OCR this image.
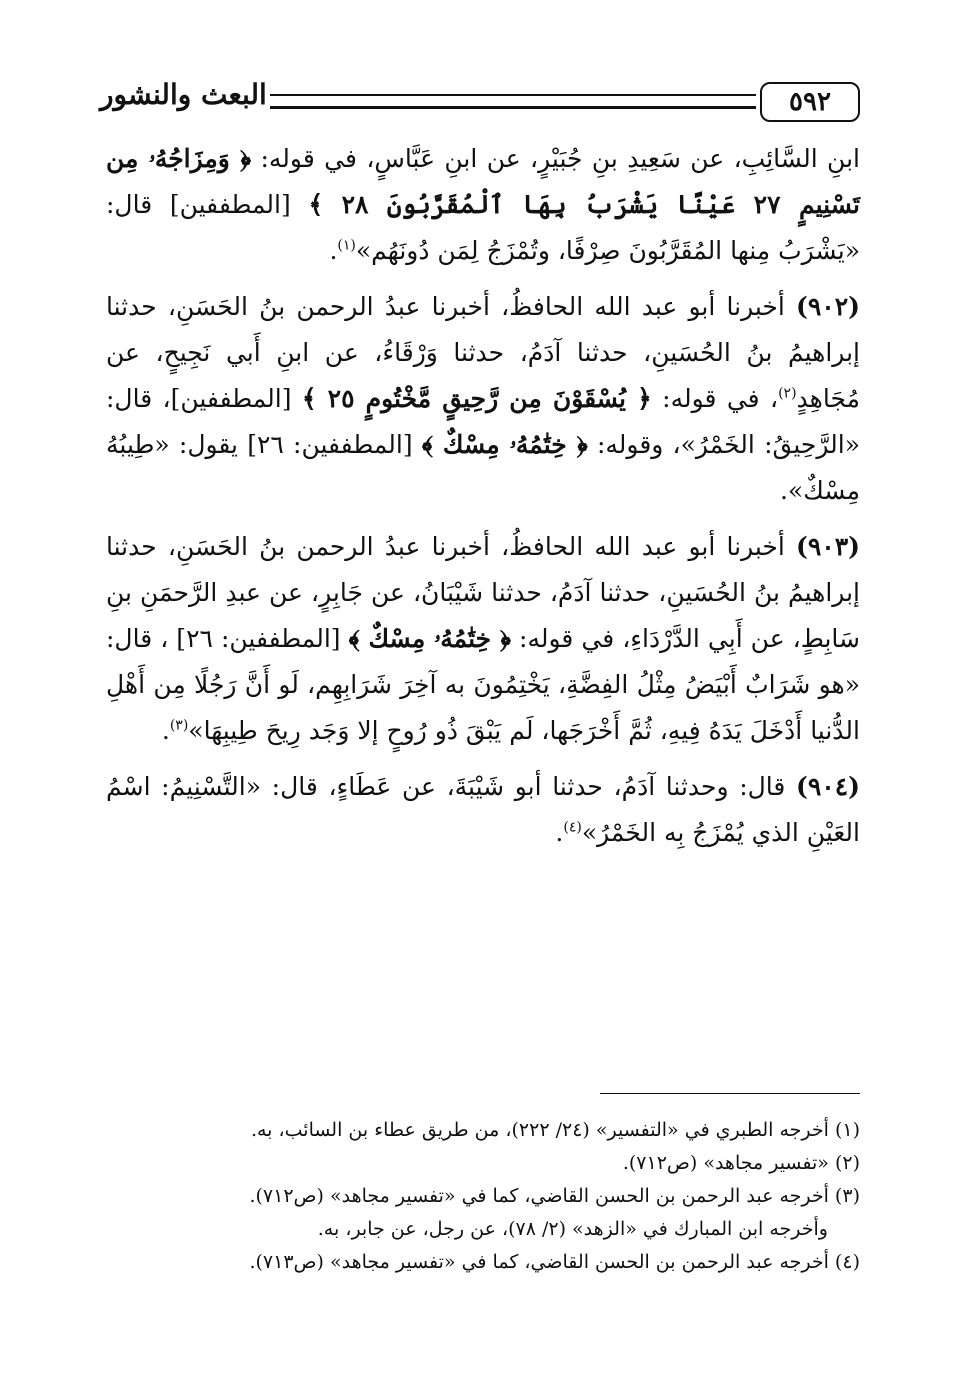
البعث والنشور	٥٩٢

ابنِ السَّائِبِ، عن سَعِيدِ بنِ جُبَيْرٍ، عن ابنِ عَبَّاسٍ، في قوله: ﴿ وَمِزَاجُهُۥ مِن تَسْنِيمٍ ٢٧ عَيْنًا يَشْرَبُ بِهَا ٱلْمُقَرَّبُونَ ٢٨ ﴾ [المطففين] قال: «يَشْرَبُ مِنها المُقَرَّبُونَ صِرْفًا، وتُمْزَجُ لِمَن دُونَهُم»$^{(١)}$.

(٩٠٢) أخبرنا أبو عبد الله الحافظُ، أخبرنا عبدُ الرحمن بنُ الحَسَنِ، حدثنا إبراهيمُ بنُ الحُسَينِ، حدثنا آدَمُ، حدثنا وَرْقَاءُ، عن ابنِ أَبي نَجِيحٍ، عن مُجَاهِدٍ$^{(٢)}$، في قوله: ﴿ يُسْقَوْنَ مِن رَّحِيقٍ مَّخْتُومٍ ٢٥ ﴾ [المطففين]، قال: «الرَّحِيقُ: الخَمْرُ»، وقوله: ﴿ خِتَٰمُهُۥ مِسْكٌ ﴾ [المطففين: ٢٦] يقول: «طِيبُهُ مِسْكٌ».

(٩٠٣) أخبرنا أبو عبد الله الحافظُ، أخبرنا عبدُ الرحمن بنُ الحَسَنِ، حدثنا إبراهيمُ بنُ الحُسَينِ، حدثنا آدَمُ، حدثنا شَيْبَانُ، عن جَابِرٍ، عن عبدِ الرَّحمَنِ بنِ سَابِطٍ، عن أَبِي الدَّرْدَاءِ، في قوله: ﴿ خِتَٰمُهُۥ مِسْكٌ ﴾ [المطففين: ٢٦] ، قال: «هو شَرَابٌ أَبْيَضُ مِثْلُ الفِضَّةِ، يَخْتِمُونَ به آخِرَ شَرَابِهِم، لَو أَنَّ رَجُلًا مِن أَهْلِ الدُّنيا أَدْخَلَ يَدَهُ فِيهِ، ثُمَّ أَخْرَجَها، لَم يَبْقَ ذُو رُوحٍ إلا وَجَد رِيحَ طِيبِهَا»$^{(٣)}$.

(٩٠٤) قال: وحدثنا آدَمُ، حدثنا أبو شَيْبَةَ، عن عَطَاءٍ، قال: «التَّسْنِيمُ: اسْمُ العَيْنِ الذي يُمْزَجُ بِه الخَمْرُ»$^{(٤)}$.

(١) أخرجه الطبري في «التفسير» (٢٤/ ٢٢٢)، من طريق عطاء بن السائب، به.

(٢) «تفسير مجاهد» (ص٧١٢).

(٣) أخرجه عبد الرحمن بن الحسن القاضي، كما في «تفسير مجاهد» (ص٧١٢).

وأخرجه ابن المبارك في «الزهد» (٢/ ٧٨)، عن رجل، عن جابر، به.

(٤) أخرجه عبد الرحمن بن الحسن القاضي، كما في «تفسير مجاهد» (ص٧١٣).
